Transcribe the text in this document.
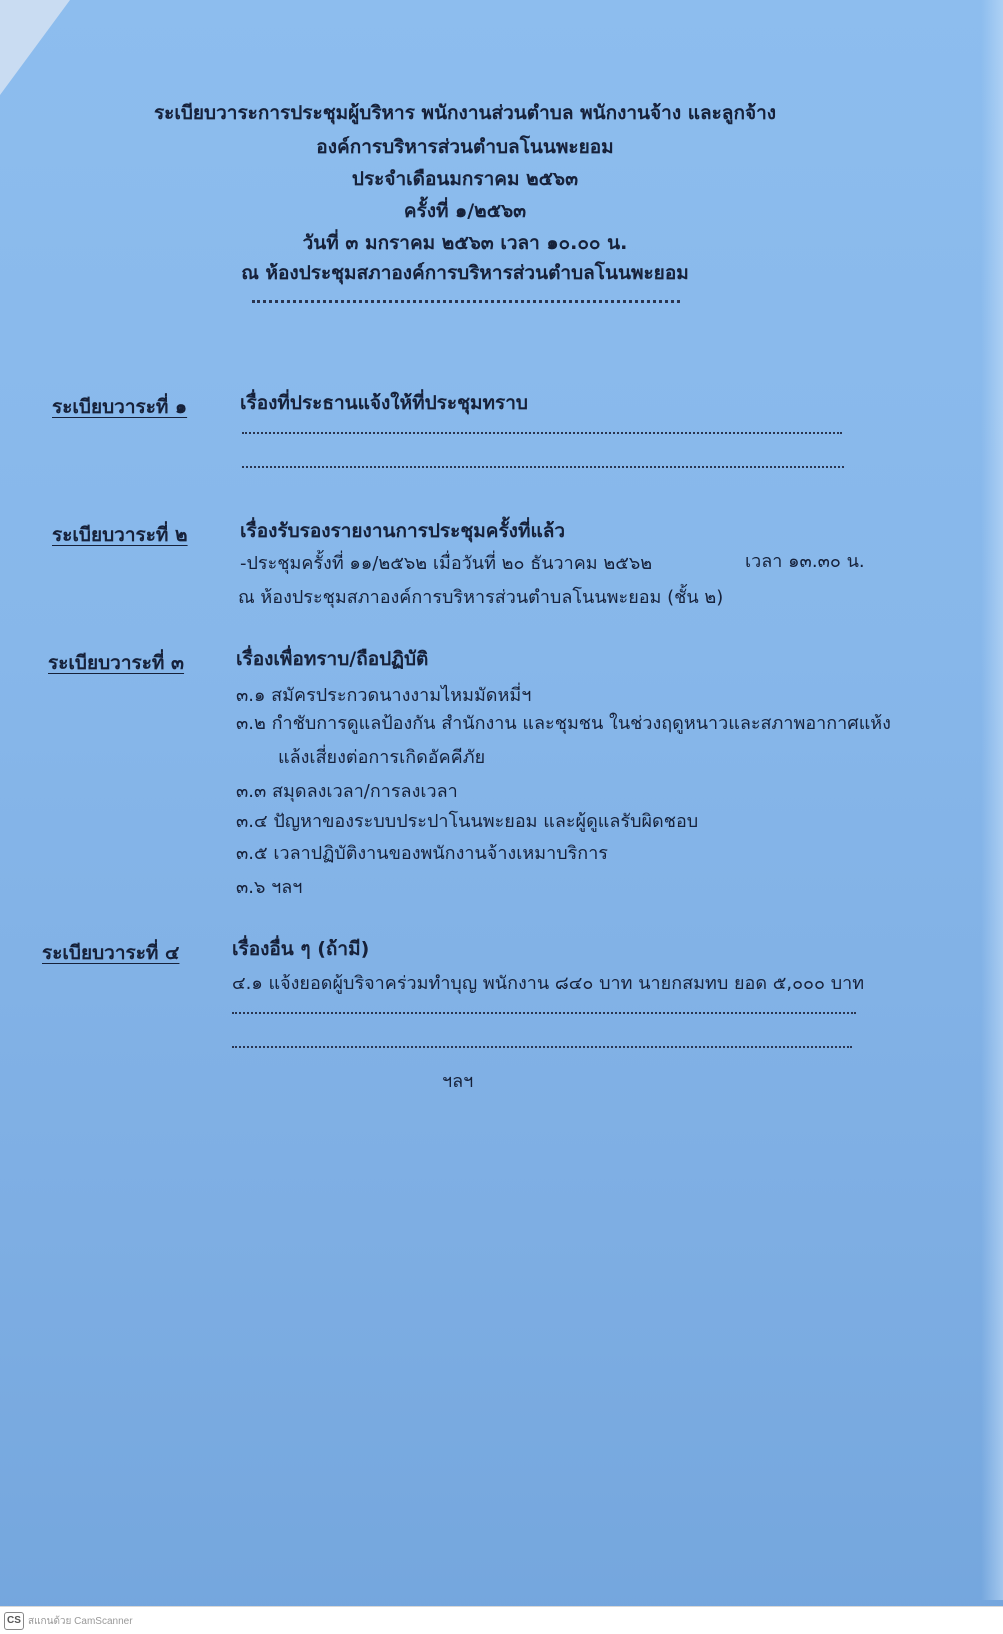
ระเบียบวาระการประชุมผู้บริหาร พนักงานส่วนตำบล พนักงานจ้าง และลูกจ้าง
องค์การบริหารส่วนตำบลโนนพะยอม
ประจำเดือนมกราคม ๒๕๖๓
ครั้งที่ ๑/๒๕๖๓
วันที่ ๓ มกราคม ๒๕๖๓ เวลา ๑๐.๐๐ น.
ณ ห้องประชุมสภาองค์การบริหารส่วนตำบลโนนพะยอม
ระเบียบวาระที่ ๑	เรื่องที่ประธานแจ้งให้ที่ประชุมทราบ
ระเบียบวาระที่ ๒	เรื่องรับรองรายงานการประชุมครั้งที่แล้ว
-ประชุมครั้งที่ ๑๑/๒๕๖๒ เมื่อวันที่ ๒๐ ธันวาคม ๒๕๖๒	เวลา ๑๓.๓๐ น.
ณ ห้องประชุมสภาองค์การบริหารส่วนตำบลโนนพะยอม (ชั้น ๒)
ระเบียบวาระที่ ๓	เรื่องเพื่อทราบ/ถือปฏิบัติ
๓.๑ สมัครประกวดนางงามไหมมัดหมี่ฯ
๓.๒ กำชับการดูแลป้องกัน สำนักงาน และชุมชน ในช่วงฤดูหนาวและสภาพอากาศแห้ง
แล้งเสี่ยงต่อการเกิดอัคคีภัย
๓.๓ สมุดลงเวลา/การลงเวลา
๓.๔ ปัญหาของระบบประปาโนนพะยอม และผู้ดูแลรับผิดชอบ
๓.๕ เวลาปฏิบัติงานของพนักงานจ้างเหมาบริการ
๓.๖ ฯลฯ
ระเบียบวาระที่ ๔	เรื่องอื่น ๆ (ถ้ามี)
๔.๑ แจ้งยอดผู้บริจาคร่วมทำบุญ พนักงาน ๘๔๐ บาท นายกสมทบ ยอด ๕,๐๐๐ บาท
ฯลฯ
CS สแกนด้วย CamScanner
